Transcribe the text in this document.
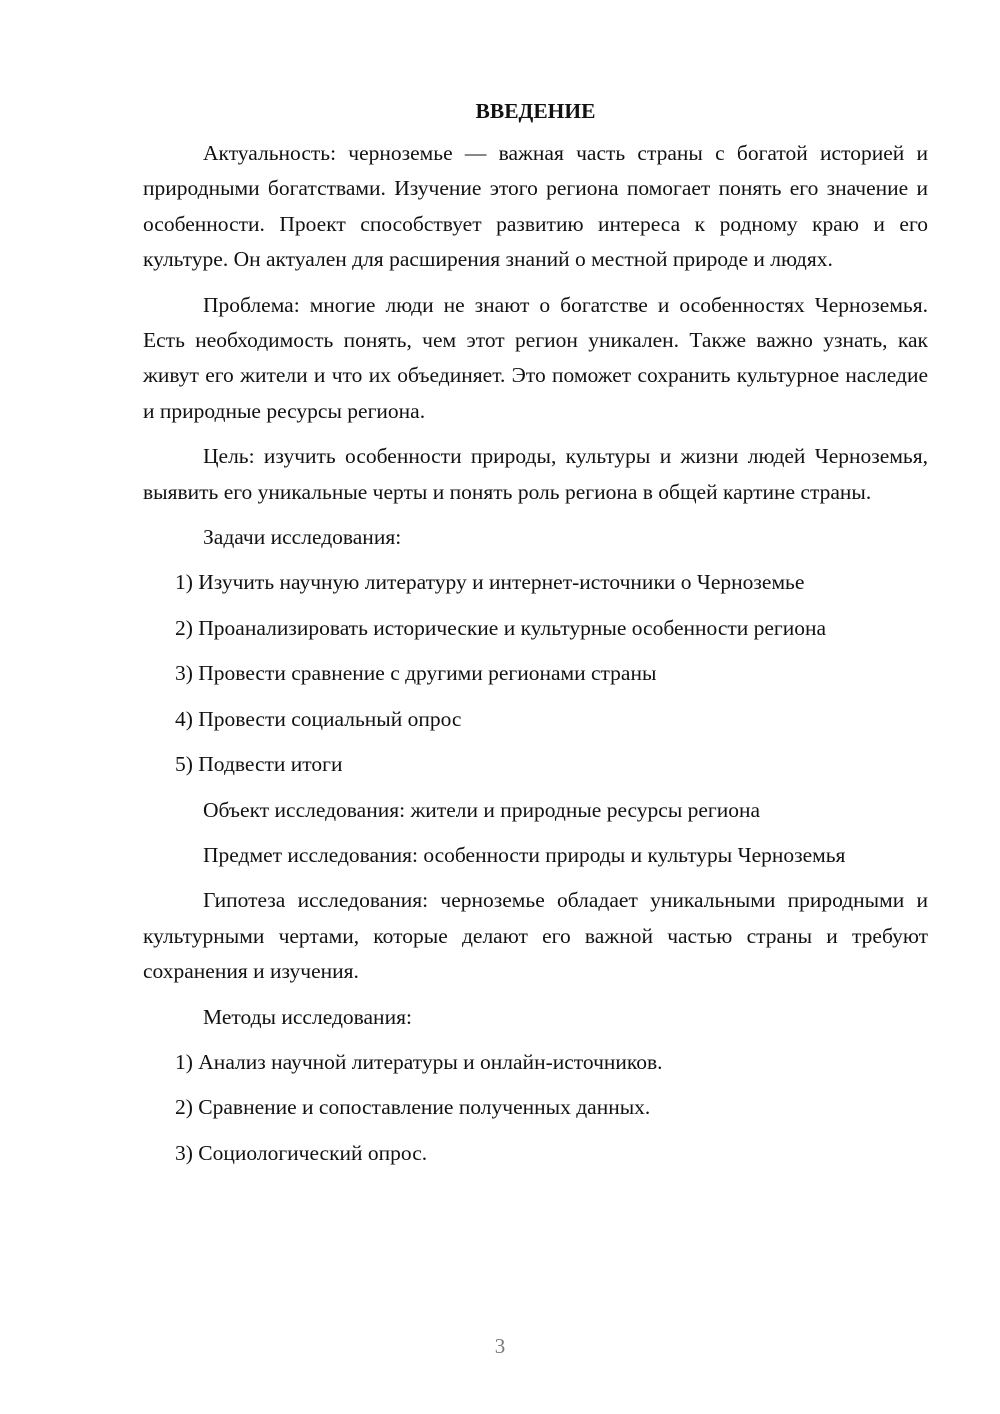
ВВЕДЕНИЕ

Актуальность: черноземье — важная часть страны с богатой историей и природными богатствами. Изучение этого региона помогает понять его значение и особенности. Проект способствует развитию интереса к родному краю и его культуре. Он актуален для расширения знаний о местной природе и людях.

Проблема: многие люди не знают о богатстве и особенностях Черноземья. Есть необходимость понять, чем этот регион уникален. Также важно узнать, как живут его жители и что их объединяет. Это поможет сохранить культурное наследие и природные ресурсы региона.

Цель: изучить особенности природы, культуры и жизни людей Черноземья, выявить его уникальные черты и понять роль региона в общей картине страны.

Задачи исследования:

1) Изучить научную литературу и интернет-источники о Черноземье

2) Проанализировать исторические и культурные особенности региона

3) Провести сравнение с другими регионами страны

4) Провести социальный опрос

5) Подвести итоги

Объект исследования: жители и природные ресурсы региона

Предмет исследования: особенности природы и культуры Черноземья

Гипотеза исследования: черноземье обладает уникальными природными и культурными чертами, которые делают его важной частью страны и требуют сохранения и изучения.

Методы исследования:

1) Анализ научной литературы и онлайн-источников.

2) Сравнение и сопоставление полученных данных.

3) Социологический опрос.

3
